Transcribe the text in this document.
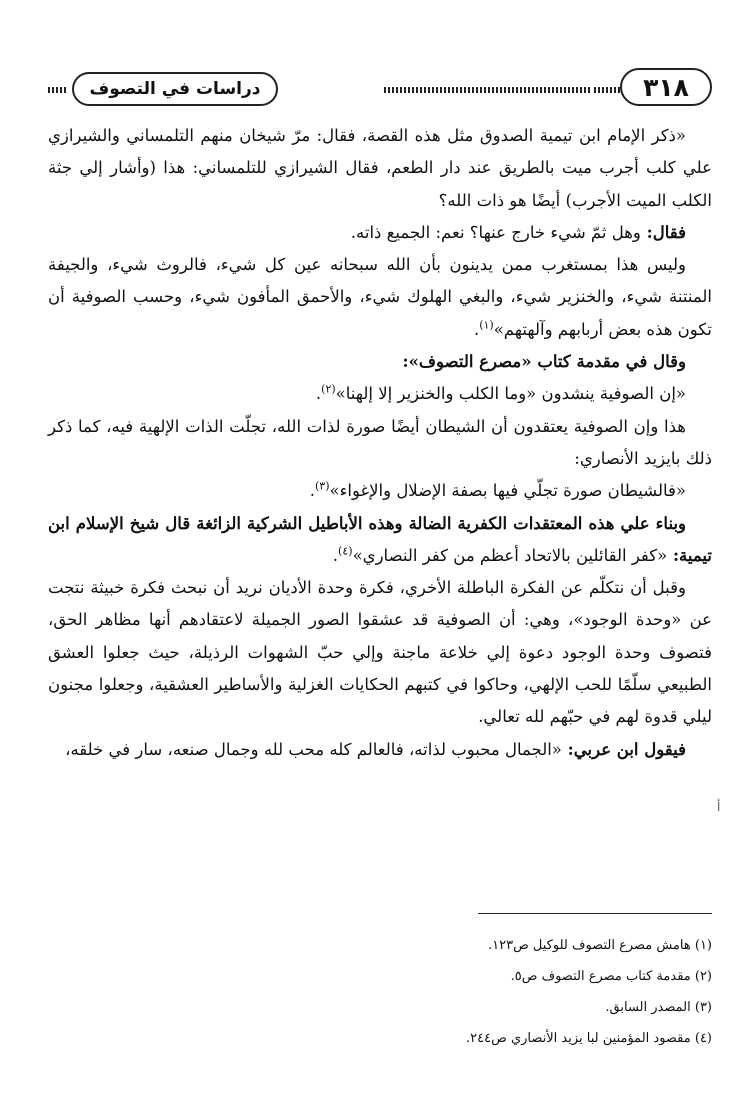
٣١٨
دراسات في التصوف

«ذكر الإمام ابن تيمية الصدوق مثل هذه القصة، فقال: مرّ شيخان منهم التلمساني والشيرازي علي كلب أجرب ميت بالطريق عند دار الطعم، فقال الشيرازي للتلمساني: هذا (وأشار إلي جثة الكلب الميت الأجرب) أيضًا هو ذات الله؟

فقال: وهل ثمّ شيء خارج عنها؟ نعم: الجميع ذاته.

وليس هذا بمستغرب ممن يدينون بأن الله سبحانه عين كل شيء، فالروث شيء، والجيفة المنتنة شيء، والخنزير شيء، والبغي الهلوك شيء، والأحمق المأفون شيء، وحسب الصوفية أن تكون هذه بعض أربابهم وآلهتهم»$^{(١)}$.

وقال في مقدمة كتاب «مصرع التصوف»:

«إن الصوفية ينشدون «وما الكلب والخنزير إلا إلهنا»$^{(٢)}$.

هذا وإن الصوفية يعتقدون أن الشيطان أيضًا صورة لذات الله، تجلّت الذات الإلهية فيه، كما ذكر ذلك بايزيد الأنصاري:

«فالشيطان صورة تجلّي فيها بصفة الإضلال والإغواء»$^{(٣)}$.

وبناء علي هذه المعتقدات الكفرية الضالة وهذه الأباطيل الشركية الزائغة قال شيخ الإسلام ابن تيمية: «كفر القائلين بالاتحاد أعظم من كفر النصاري»$^{(٤)}$.

وقبل أن نتكلّم عن الفكرة الباطلة الأخري، فكرة وحدة الأديان نريد أن نبحث فكرة خبيثة نتجت عن «وحدة الوجود»، وهي: أن الصوفية قد عشقوا الصور الجميلة لاعتقادهم أنها مظاهر الحق، فتصوف وحدة الوجود دعوة إلي خلاعة ماجنة وإلي حبّ الشهوات الرذيلة، حيث جعلوا العشق الطبيعي سلّمًا للحب الإلهي، وحاكوا في كتبهم الحكايات الغزلية والأساطير العشقية، وجعلوا مجنون ليلي قدوة لهم في حبّهم لله تعالي.

فيقول ابن عربي: «الجمال محبوب لذاته، فالعالم كله محب لله وجمال صنعه، سار في خلقه،

(١) هامش مصرع التصوف للوكيل ص١٢٣.

(٢) مقدمة كتاب مصرع التصوف ص٥.

(٣) المصدر السابق.

(٤) مقصود المؤمنين لبا يزيد الأنصاري ص٢٤٤.

ﺃ
